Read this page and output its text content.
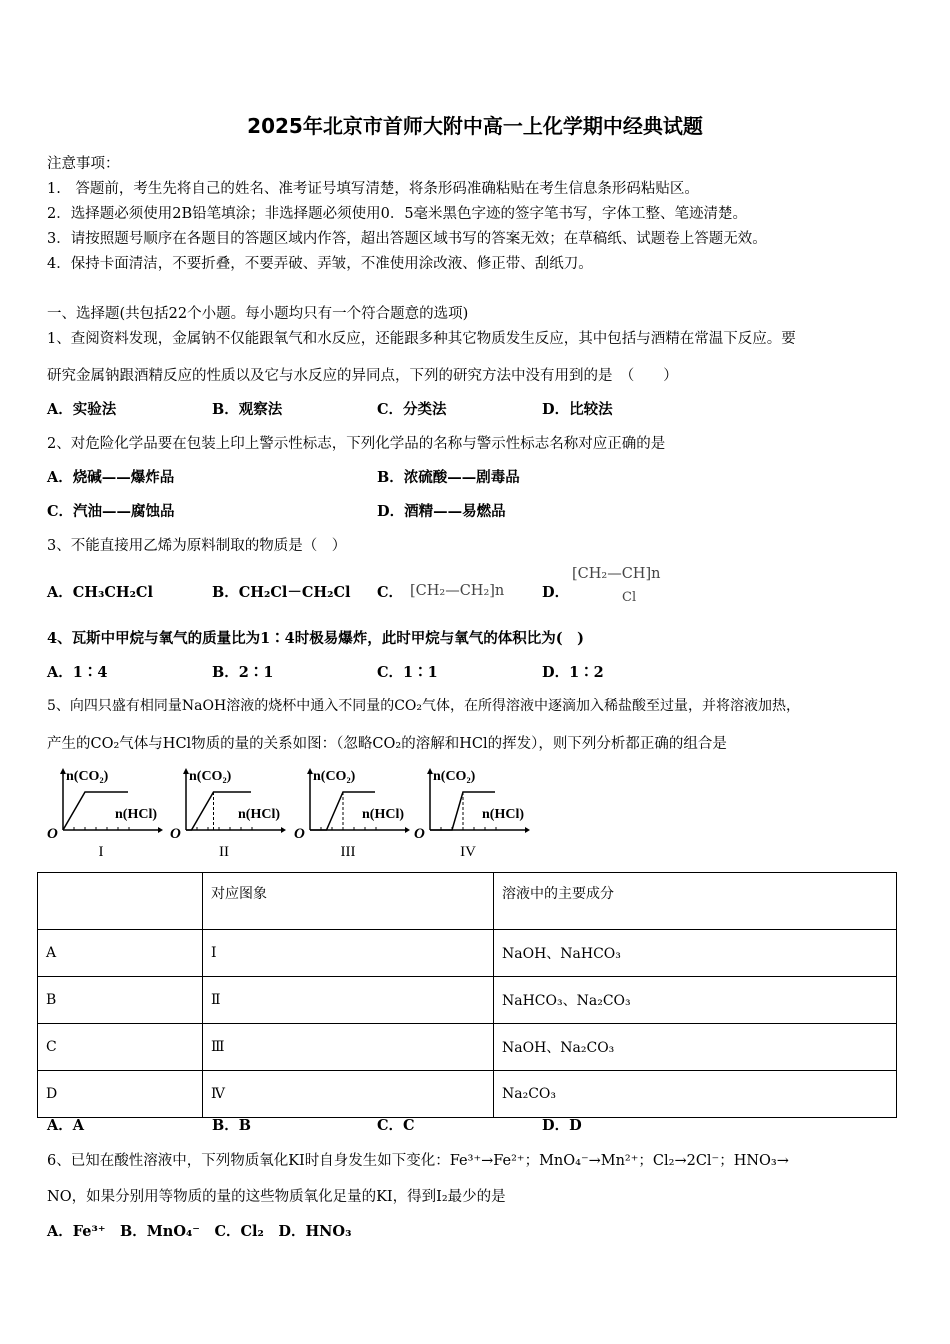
2025年北京市首师大附中高一上化学期中经典试题
注意事项：
1.　答题前，考生先将自己的姓名、准考证号填写清楚，将条形码准确粘贴在考生信息条形码粘贴区。
2．选择题必须使用2B铅笔填涂；非选择题必须使用0．5毫米黑色字迹的签字笔书写，字体工整、笔迹清楚。
3．请按照题号顺序在各题目的答题区域内作答，超出答题区域书写的答案无效；在草稿纸、试题卷上答题无效。
4．保持卡面清洁，不要折叠，不要弄破、弄皱，不准使用涂改液、修正带、刮纸刀。
一、选择题(共包括22个小题。每小题均只有一个符合题意的选项)
1、查阅资料发现，金属钠不仅能跟氧气和水反应，还能跟多种其它物质发生反应，其中包括与酒精在常温下反应。要
研究金属钠跟酒精反应的性质以及它与水反应的异同点，下列的研究方法中没有用到的是　（　　）
A．实验法	B．观察法	C．分类法	D．比较法
2、对危险化学品要在包装上印上警示性标志，下列化学品的名称与警示性标志名称对应正确的是
A．烧碱——爆炸品	B．浓硫酸——剧毒品
C．汽油——腐蚀品	D．酒精——易燃品
3、不能直接用乙烯为原料制取的物质是（　）
A．CH₃CH₂Cl	B．CH₂Cl－CH₂Cl C． [CH₂—CH₂]n	D．
[CH₂—CH]n
Cl
4、瓦斯中甲烷与氧气的质量比为1∶4时极易爆炸，此时甲烷与氧气的体积比为(　)
A．1∶4	B．2∶1	C．1∶1	D．1∶2
5、向四只盛有相同量NaOH溶液的烧杯中通入不同量的CO₂气体，在所得溶液中逐滴加入稀盐酸至过量，并将溶液加热，
产生的CO₂气体与HCl物质的量的关系如图：（忽略CO₂的溶解和HCl的挥发），则下列分析都正确的组合是
n(CO₂)
n(HCl)
O
I
n(CO₂)
n(HCl)
O
II
n(CO₂)
n(HCl)
O
III
n(CO₂)
n(HCl)
O
IV
	对应图象	溶液中的主要成分
A	Ⅰ	NaOH、NaHCO₃
B	Ⅱ	NaHCO₃、Na₂CO₃
C	Ⅲ	NaOH、Na₂CO₃
D	Ⅳ	Na₂CO₃
A．A	B．B	C．C	D．D
6、已知在酸性溶液中，下列物质氧化KI时自身发生如下变化：Fe³⁺→Fe²⁺；MnO₄⁻→Mn²⁺；Cl₂→2Cl⁻；HNO₃→
NO，如果分别用等物质的量的这些物质氧化足量的KI，得到I₂最少的是
A．Fe³⁺　B．MnO₄⁻　C．Cl₂　D．HNO₃
